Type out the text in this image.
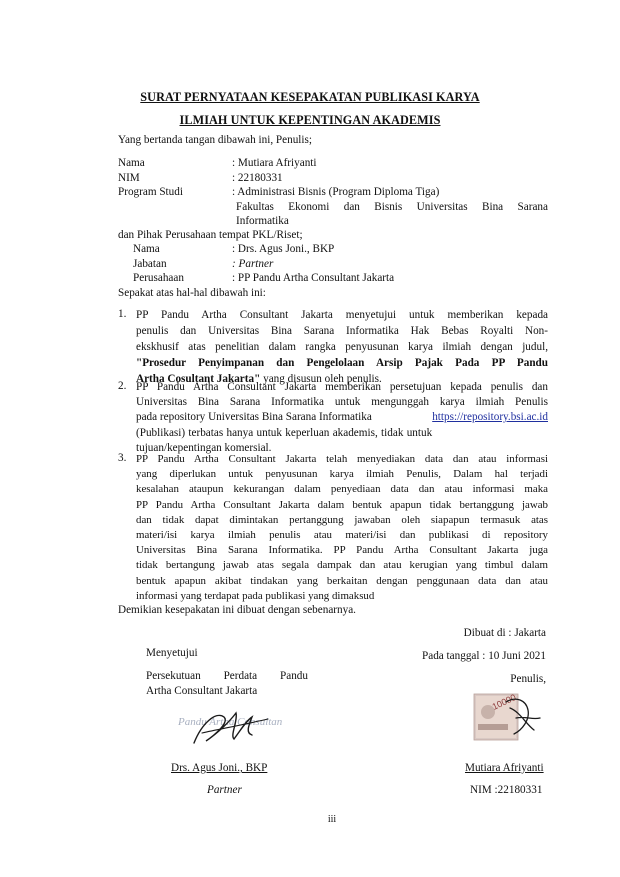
SURAT PERNYATAAN KESEPAKATAN PUBLIKASI KARYA
ILMIAH UNTUK KEPENTINGAN AKADEMIS
Yang bertanda tangan dibawah ini, Penulis;
Nama	: Mutiara Afriyanti
NIM	: 22180331
Program Studi	: Administrasi Bisnis (Program Diploma Tiga)
Fakultas Ekonomi dan Bisnis Universitas Bina Sarana
Informatika
dan Pihak Perusahaan tempat PKL/Riset;
Nama	: Drs. Agus Joni., BKP
Jabatan	: Partner
Perusahaan	: PP Pandu Artha Consultant Jakarta
Sepakat atas hal-hal dibawah ini:
1. PP Pandu Artha Consultant Jakarta menyetujui untuk memberikan kepada
penulis dan Universitas Bina Sarana Informatika Hak Bebas Royalti Non-
ekskhusif atas penelitian dalam rangka penyusunan karya ilmiah dengan judul,
"Prosedur Penyimpanan dan Pengelolaan Arsip Pajak Pada PP Pandu
Artha Cosultant Jakarta" yang disusun oleh penulis.
2. PP Pandu Artha Consultant Jakarta memberikan persetujuan kepada penulis dan
Universitas Bina Sarana Informatika untuk mengunggah karya ilmiah Penulis
pada repository Universitas Bina Sarana Informatika	https://repository.bsi.ac.id
(Publikasi) terbatas hanya untuk keperluan akademis, tidak untuk
tujuan/kepentingan komersial.
3. PP Pandu Artha Consultant Jakarta telah menyediakan data dan atau informasi
yang diperlukan untuk penyusunan karya ilmiah Penulis, Dalam hal terjadi
kesalahan ataupun kekurangan dalam penyediaan data dan atau informasi maka
PP Pandu Artha Consultant Jakarta dalam bentuk apapun tidak bertanggung jawab
dan tidak dapat dimintakan pertanggung jawaban oleh siapapun termasuk atas
materi/isi karya ilmiah penulis atau materi/isi dan publikasi di repository
Universitas Bina Sarana Informatika. PP Pandu Artha Consultant Jakarta juga
tidak bertangung jawab atas segala dampak dan atau kerugian yang timbul dalam
bentuk apapun akibat tindakan yang berkaitan dengan penggunaan data dan atau
informasi yang terdapat pada publikasi yang dimaksud
Demikian kesepakatan ini dibuat dengan sebenarnya.
Dibuat di : Jakarta
Pada tanggal : 10 Juni 2021
Penulis,
Menyetujui
Persekutuan Perdata Pandu
Artha Consultant Jakarta
Pandu Artha Consultant
Drs. Agus Joni., BKP
Partner
10000
Mutiara Afriyanti
NIM :22180331
iii
